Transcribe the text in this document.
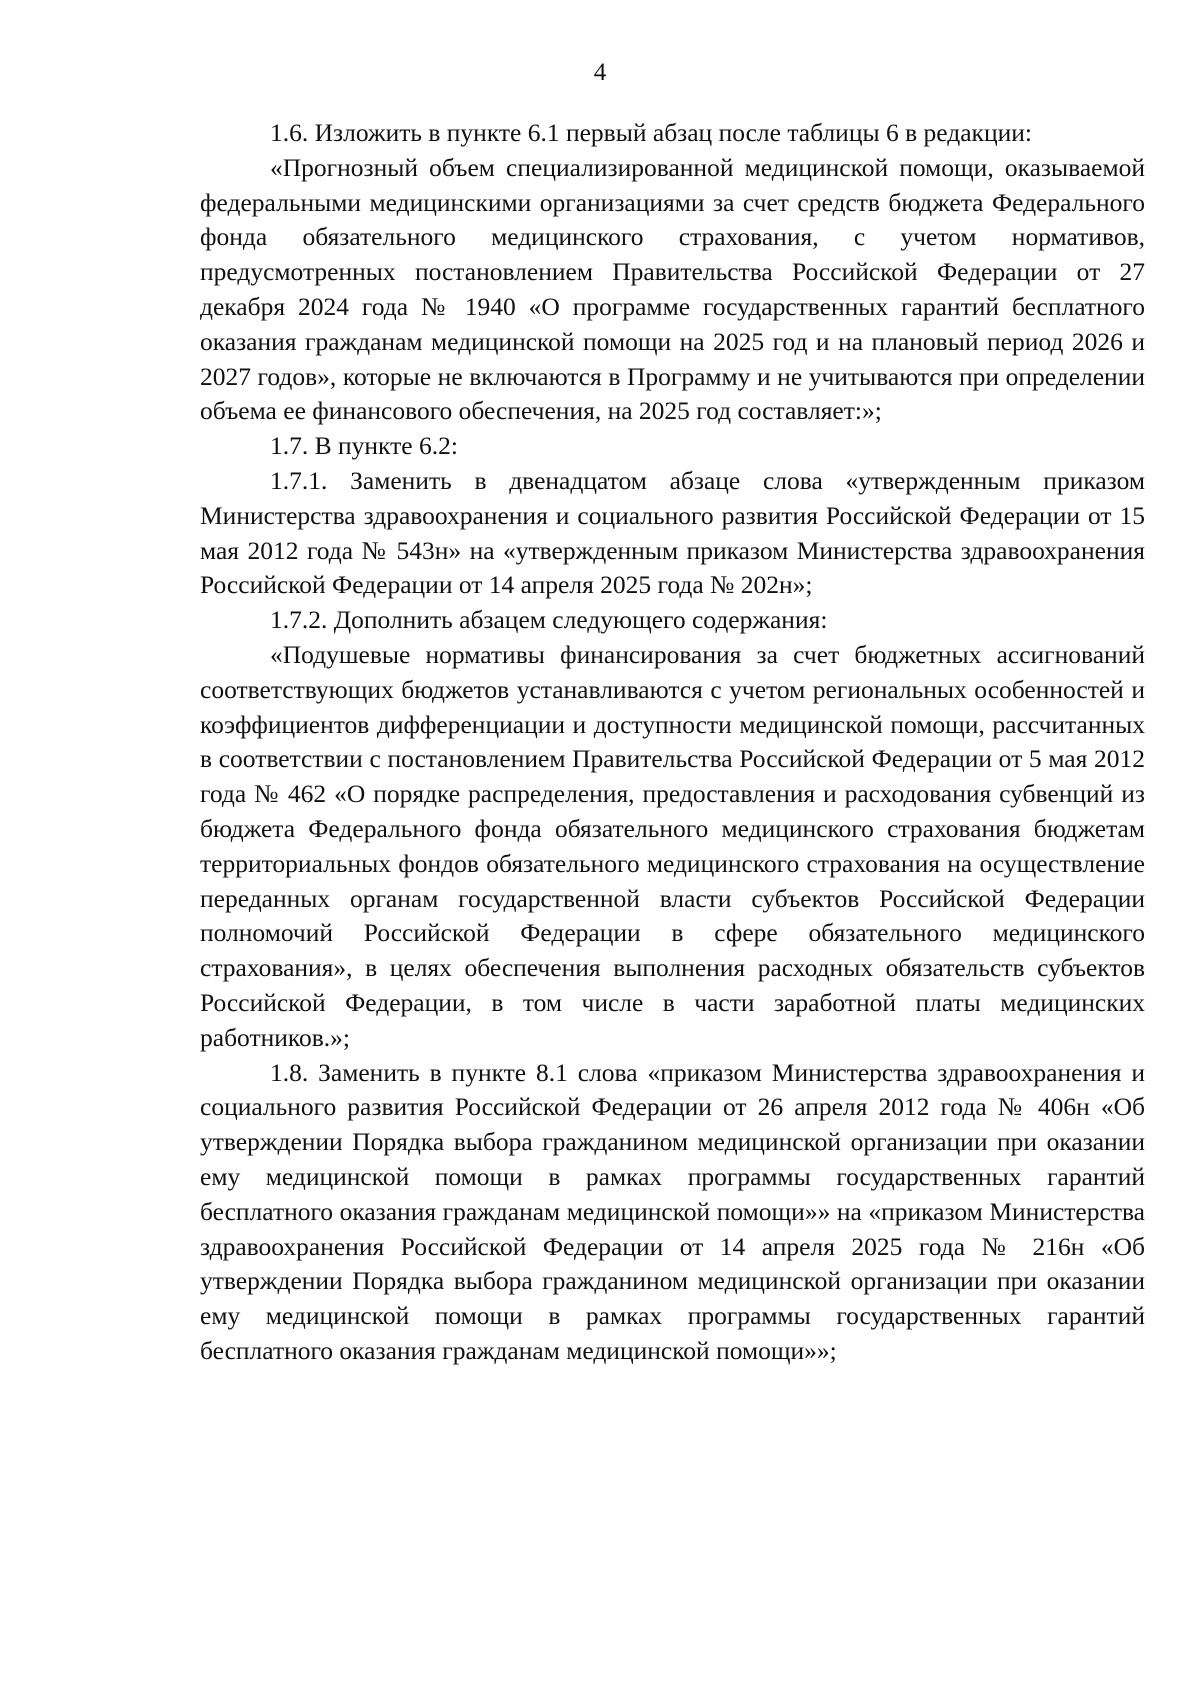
4

1.6. Изложить в пункте 6.1 первый абзац после таблицы 6 в редакции:

«Прогнозный объем специализированной медицинской помощи, оказываемой федеральными медицинскими организациями за счет средств бюджета Федерального фонда обязательного медицинского страхования, с учетом нормативов, предусмотренных постановлением Правительства Российской Федерации от 27 декабря 2024 года № 1940 «О программе государственных гарантий бесплатного оказания гражданам медицинской помощи на 2025 год и на плановый период 2026 и 2027 годов», которые не включаются в Программу и не учитываются при определении объема ее финансового обеспечения, на 2025 год составляет:»;

1.7. В пункте 6.2:

1.7.1. Заменить в двенадцатом абзаце слова «утвержденным приказом Министерства здравоохранения и социального развития Российской Федерации от 15 мая 2012 года № 543н» на «утвержденным приказом Министерства здравоохранения Российской Федерации от 14 апреля 2025 года № 202н»;

1.7.2. Дополнить абзацем следующего содержания:

«Подушевые нормативы финансирования за счет бюджетных ассигнований соответствующих бюджетов устанавливаются с учетом региональных особенностей и коэффициентов дифференциации и доступности медицинской помощи, рассчитанных в соответствии с постановлением Правительства Российской Федерации от 5 мая 2012 года № 462 «О порядке распределения, предоставления и расходования субвенций из бюджета Федерального фонда обязательного медицинского страхования бюджетам территориальных фондов обязательного медицинского страхования на осуществление переданных органам государственной власти субъектов Российской Федерации полномочий Российской Федерации в сфере обязательного медицинского страхования», в целях обеспечения выполнения расходных обязательств субъектов Российской Федерации, в том числе в части заработной платы медицинских работников.»;

1.8. Заменить в пункте 8.1 слова «приказом Министерства здравоохранения и социального развития Российской Федерации от 26 апреля 2012 года № 406н «Об утверждении Порядка выбора гражданином медицинской организации при оказании ему медицинской помощи в рамках программы государственных гарантий бесплатного оказания гражданам медицинской помощи»» на «приказом Министерства здравоохранения Российской Федерации от 14 апреля 2025 года № 216н «Об утверждении Порядка выбора гражданином медицинской организации при оказании ему медицинской помощи в рамках программы государственных гарантий бесплатного оказания гражданам медицинской помощи»»;
